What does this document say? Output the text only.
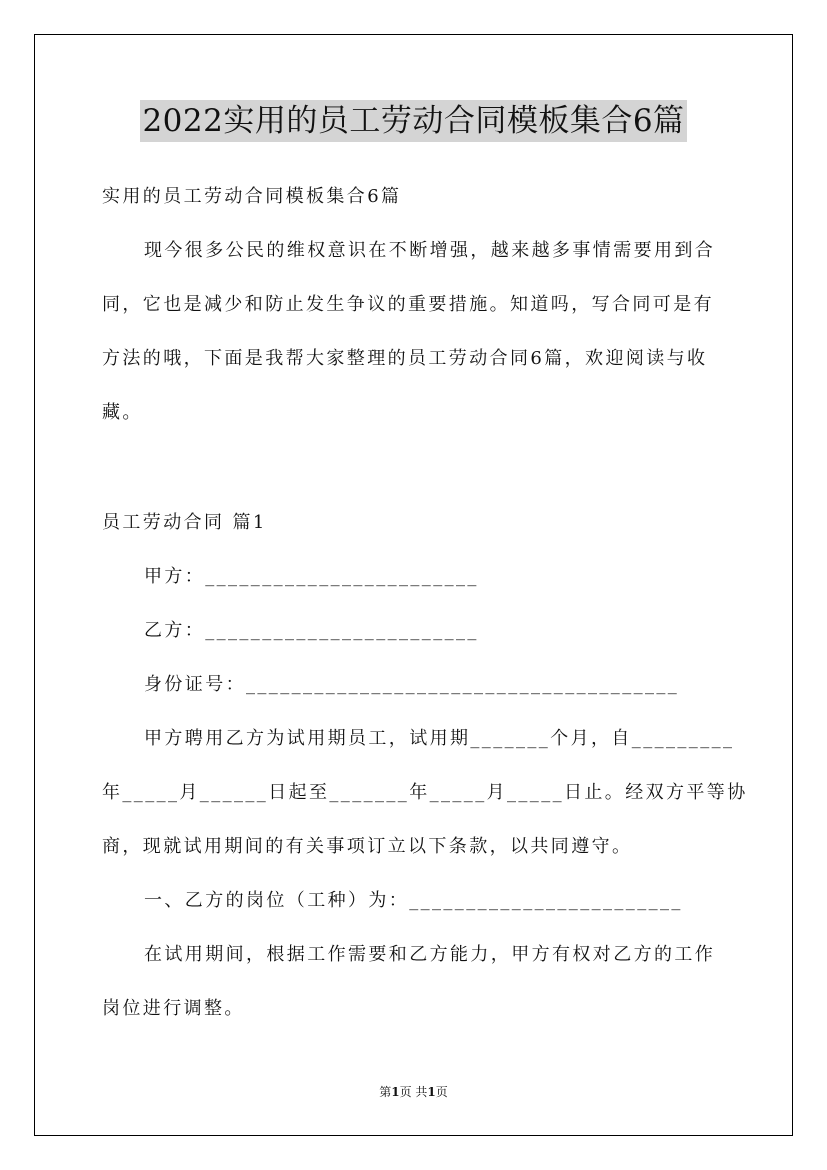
2022实用的员工劳动合同模板集合6篇
实用的员工劳动合同模板集合6篇
现今很多公民的维权意识在不断增强，越来越多事情需要用到合
同，它也是减少和防止发生争议的重要措施。知道吗，写合同可是有
方法的哦，下面是我帮大家整理的员工劳动合同6篇，欢迎阅读与收
藏。
员工劳动合同 篇1
甲方：________________________
乙方：________________________
身份证号：______________________________________
甲方聘用乙方为试用期员工，试用期_______个月，自_________
年_____月______日起至_______年_____月_____日止。经双方平等协
商，现就试用期间的有关事项订立以下条款，以共同遵守。
一、乙方的岗位（工种）为：________________________
在试用期间，根据工作需要和乙方能力，甲方有权对乙方的工作
岗位进行调整。
第1页 共1页
